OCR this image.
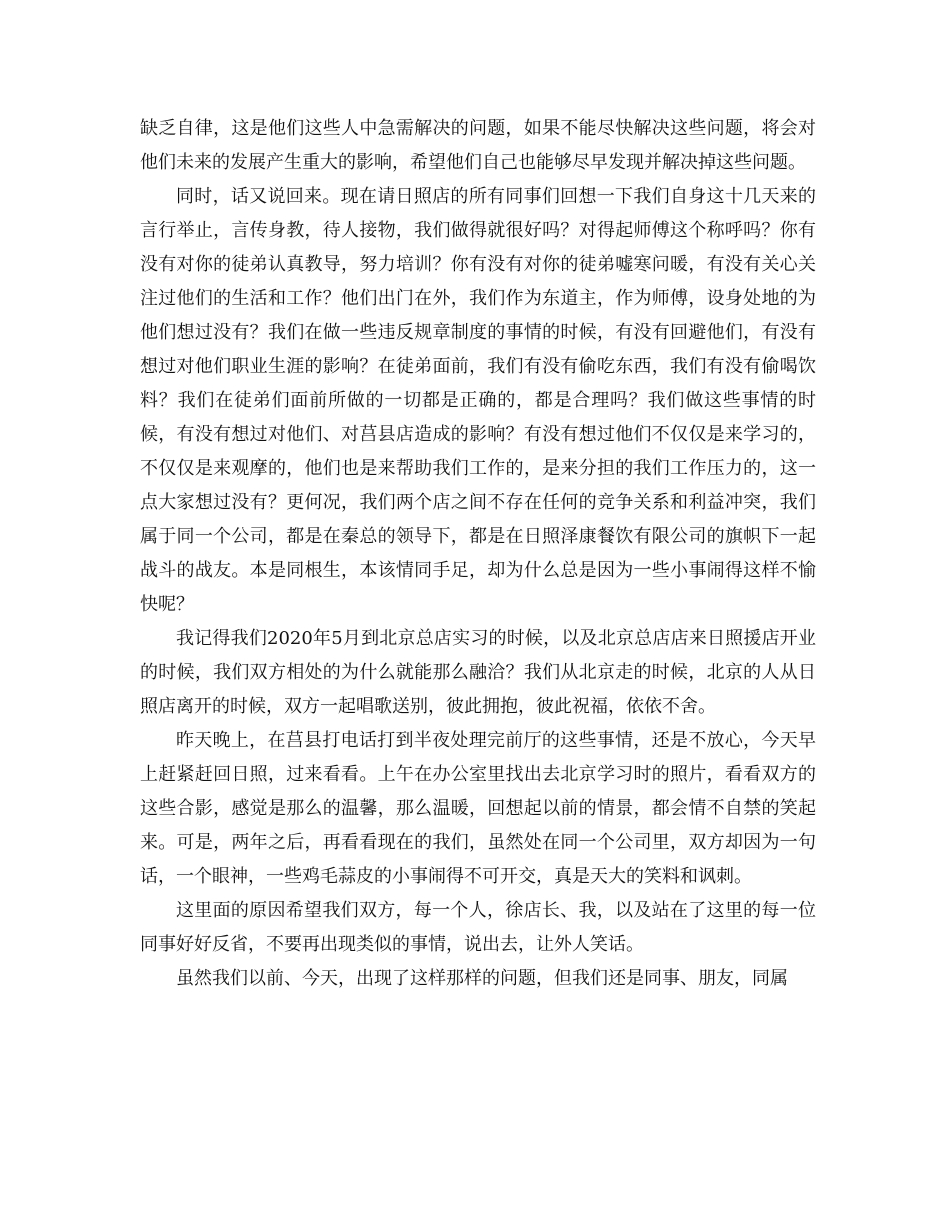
缺乏自律，这是他们这些人中急需解决的问题，如果不能尽快解决这些问题，将会对他们未来的发展产生重大的影响，希望他们自己也能够尽早发现并解决掉这些问题。

同时，话又说回来。现在请日照店的所有同事们回想一下我们自身这十几天来的言行举止，言传身教，待人接物，我们做得就很好吗？对得起师傅这个称呼吗？你有没有对你的徒弟认真教导，努力培训？你有没有对你的徒弟嘘寒问暖，有没有关心关注过他们的生活和工作？他们出门在外，我们作为东道主，作为师傅，设身处地的为他们想过没有？我们在做一些违反规章制度的事情的时候，有没有回避他们，有没有想过对他们职业生涯的影响？在徒弟面前，我们有没有偷吃东西，我们有没有偷喝饮料？我们在徒弟们面前所做的一切都是正确的，都是合理吗？我们做这些事情的时候，有没有想过对他们、对莒县店造成的影响？有没有想过他们不仅仅是来学习的，不仅仅是来观摩的，他们也是来帮助我们工作的，是来分担的我们工作压力的，这一点大家想过没有？更何况，我们两个店之间不存在任何的竞争关系和利益冲突，我们属于同一个公司，都是在秦总的领导下，都是在日照泽康餐饮有限公司的旗帜下一起战斗的战友。本是同根生，本该情同手足，却为什么总是因为一些小事闹得这样不愉快呢？

我记得我们2020年5月到北京总店实习的时候，以及北京总店店来日照援店开业的时候，我们双方相处的为什么就能那么融洽？我们从北京走的时候，北京的人从日照店离开的时候，双方一起唱歌送别，彼此拥抱，彼此祝福，依依不舍。

昨天晚上，在莒县打电话打到半夜处理完前厅的这些事情，还是不放心，今天早上赶紧赶回日照，过来看看。上午在办公室里找出去北京学习时的照片，看看双方的这些合影，感觉是那么的温馨，那么温暖，回想起以前的情景，都会情不自禁的笑起来。可是，两年之后，再看看现在的我们，虽然处在同一个公司里，双方却因为一句话，一个眼神，一些鸡毛蒜皮的小事闹得不可开交，真是天大的笑料和讽刺。

这里面的原因希望我们双方，每一个人，徐店长、我，以及站在了这里的每一位同事好好反省，不要再出现类似的事情，说出去，让外人笑话。

虽然我们以前、今天，出现了这样那样的问题，但我们还是同事、朋友，同属
